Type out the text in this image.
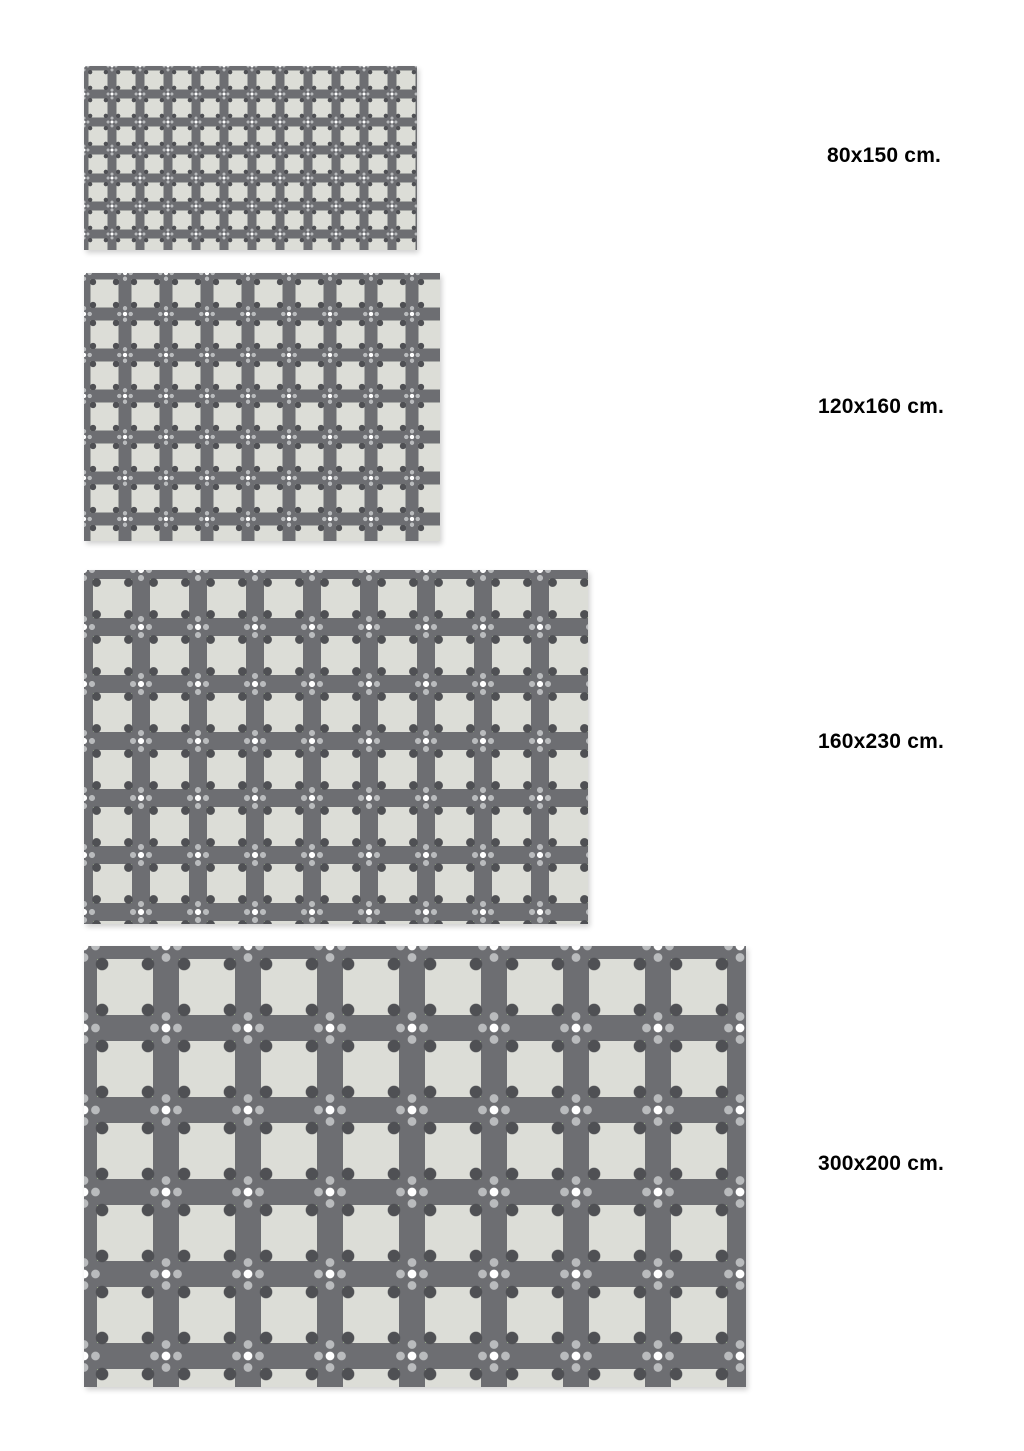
80x150 cm.
120x160 cm.
160x230 cm.
300x200 cm.
